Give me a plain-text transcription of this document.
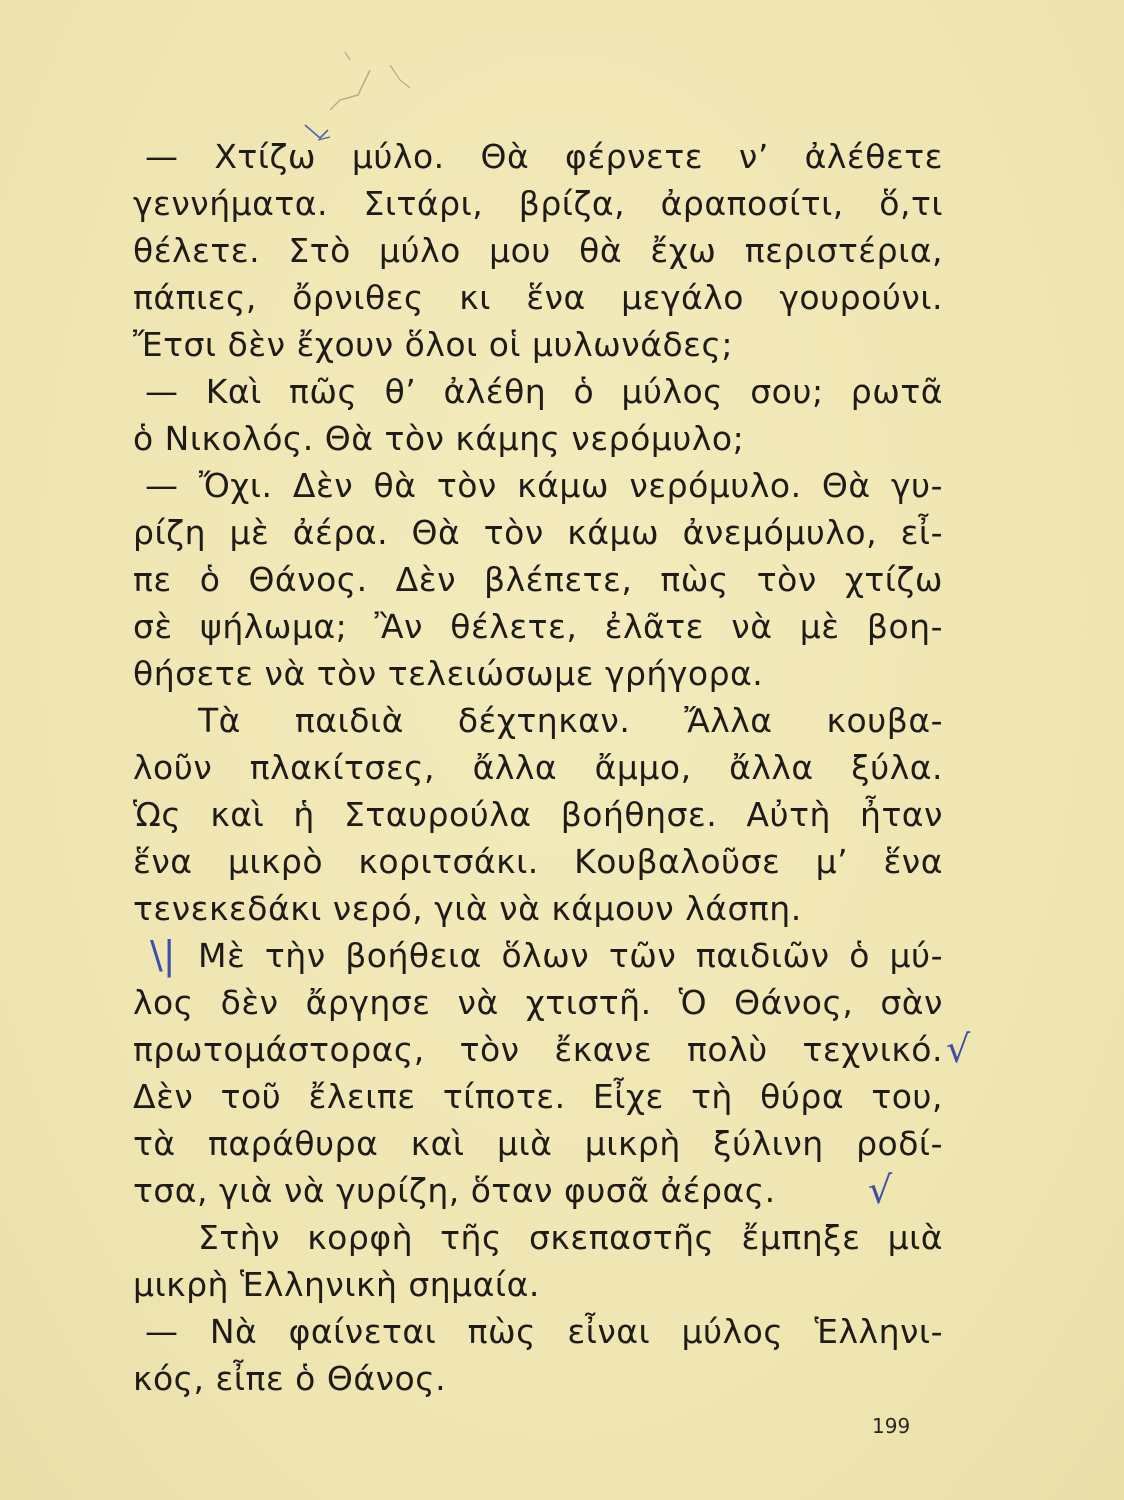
— Χτίζω μύλο. Θὰ φέρνετε ν’ ἀλέθετε
γεννήματα. Σιτάρι, βρίζα, ἀραποσίτι, ὅ,τι
θέλετε. Στὸ μύλο μου θὰ ἔχω περιστέρια,
πάπιες, ὄρνιθες κι ἕνα μεγάλο γουρούνι.
Ἔτσι δὲν ἔχουν ὅλοι οἱ μυλωνάδες;
— Καὶ πῶς θ’ ἀλέθη ὁ μύλος σου; ρωτᾶ
ὁ Νικολός. Θὰ τὸν κάμης νερόμυλο;
— Ὄχι. Δὲν θὰ τὸν κάμω νερόμυλο. Θὰ γυ-
ρίζη μὲ ἀέρα. Θὰ τὸν κάμω ἀνεμόμυλο, εἶ-
πε ὁ Θάνος. Δὲν βλέπετε, πὼς τὸν χτίζω
σὲ ψήλωμα; Ἂν θέλετε, ἐλᾶτε νὰ μὲ βοη-
θήσετε νὰ τὸν τελειώσωμε γρήγορα.
Τὰ παιδιὰ δέχτηκαν. Ἄλλα κουβα-
λοῦν πλακίτσες, ἄλλα ἄμμο, ἄλλα ξύλα.
Ὡς καὶ ἡ Σταυρούλα βοήθησε. Αὐτὴ ἦταν
ἕνα μικρὸ κοριτσάκι. Κουβαλοῦσε μ’ ἕνα
τενεκεδάκι νερό, γιὰ νὰ κάμουν λάσπη.
Μὲ τὴν βοήθεια ὅλων τῶν παιδιῶν ὁ μύ-
λος δὲν ἄργησε νὰ χτιστῆ. Ὁ Θάνος, σὰν
πρωτομάστορας, τὸν ἔκανε πολὺ τεχνικό.
Δὲν τοῦ ἔλειπε τίποτε. Εἶχε τὴ θύρα του,
τὰ παράθυρα καὶ μιὰ μικρὴ ξύλινη ροδί-
τσα, γιὰ νὰ γυρίζη, ὅταν φυσᾶ ἀέρας.
Στὴν κορφὴ τῆς σκεπαστῆς ἔμπηξε μιὰ
μικρὴ Ἑλληνικὴ σημαία.
— Νὰ φαίνεται πὼς εἶναι μύλος Ἑλληνι-
κός, εἶπε ὁ Θάνος.
\|
√
√
199
